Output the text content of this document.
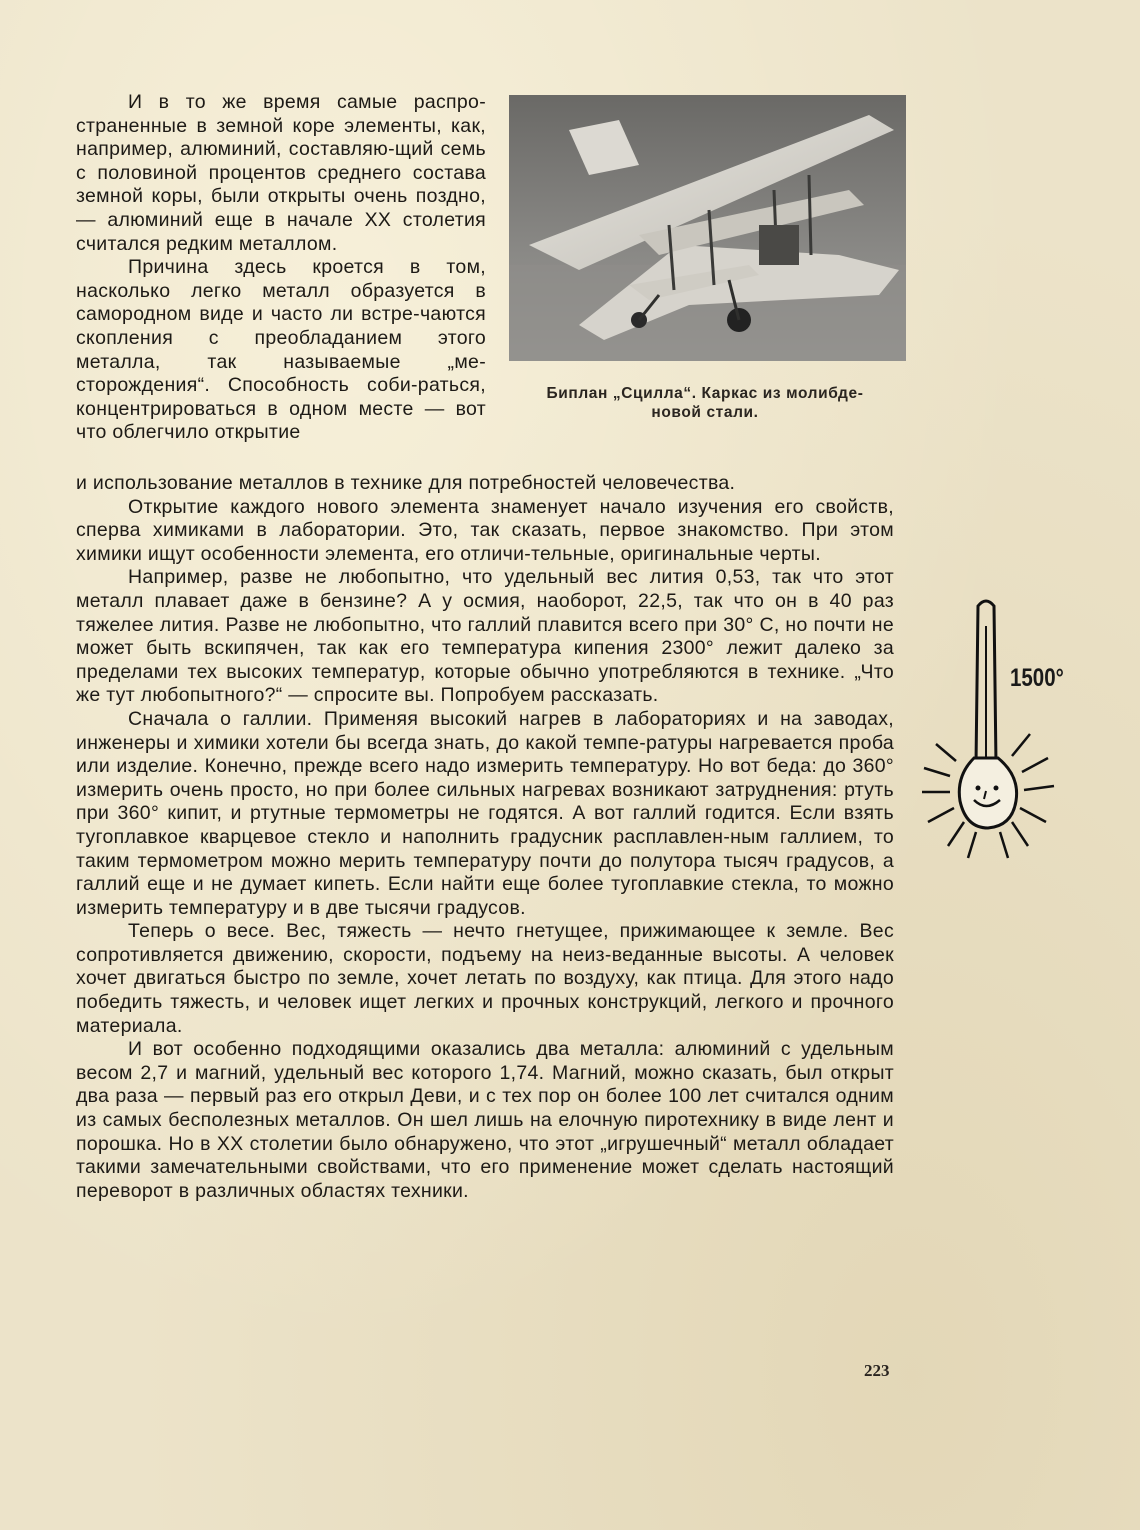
И в то же время самые распро-страненные в земной коре элементы, как, например, алюминий, составляю-щий семь с половиной процентов среднего состава земной коры, были открыты очень поздно, — алюминий еще в начале XX столетия считался редким металлом.

Причина здесь кроется в том, насколько легко металл образуется в самородном виде и часто ли встре-чаются скопления с преобладанием этого металла, так называемые „ме-сторождения“. Способность соби-раться, концентрироваться в одном месте — вот что облегчило открытие

Биплан „Сцилла“. Каркас из молибде-
новой стали.

и использование металлов в технике для потребностей человечества.

Открытие каждого нового элемента знаменует начало изучения его свойств, сперва химиками в лаборатории. Это, так сказать, первое знакомство. При этом химики ищут особенности элемента, его отличи-тельные, оригинальные черты.

Например, разве не любопытно, что удельный вес лития 0,53, так что этот металл плавает даже в бензине? А у осмия, наоборот, 22,5, так что он в 40 раз тяжелее лития. Разве не любопытно, что галлий плавится всего при 30° C, но почти не может быть вскипячен, так как его температура кипения 2300° лежит далеко за пределами тех высоких температур, которые обычно употребляются в технике. „Что же тут любопытного?“ — спросите вы. Попробуем рассказать.

Сначала о галлии. Применяя высокий нагрев в лабораториях и на заводах, инженеры и химики хотели бы всегда знать, до какой темпе-ратуры нагревается проба или изделие. Конечно, прежде всего надо измерить температуру. Но вот беда: до 360° измерить очень просто, но при более сильных нагревах возникают затруднения: ртуть при 360° кипит, и ртутные термометры не годятся. А вот галлий годится. Если взять тугоплавкое кварцевое стекло и наполнить градусник расплавлен-ным галлием, то таким термометром можно мерить температуру почти до полутора тысяч градусов, а галлий еще и не думает кипеть. Если найти еще более тугоплавкие стекла, то можно измерить температуру и в две тысячи градусов.

Теперь о весе. Вес, тяжесть — нечто гнетущее, прижимающее к земле. Вес сопротивляется движению, скорости, подъему на неиз-веданные высоты. А человек хочет двигаться быстро по земле, хочет летать по воздуху, как птица. Для этого надо победить тяжесть, и человек ищет легких и прочных конструкций, легкого и прочного материала.

И вот особенно подходящими оказались два металла: алюминий с удельным весом 2,7 и магний, удельный вес которого 1,74. Магний, можно сказать, был открыт два раза — первый раз его открыл Деви, и с тех пор он более 100 лет считался одним из самых бесполезных металлов. Он шел лишь на елочную пиротехнику в виде лент и порошка. Но в XX столетии было обнаружено, что этот „игрушечный“ металл обладает такими замечательными свойствами, что его применение может сделать настоящий переворот в различных областях техники.

1500°
223
